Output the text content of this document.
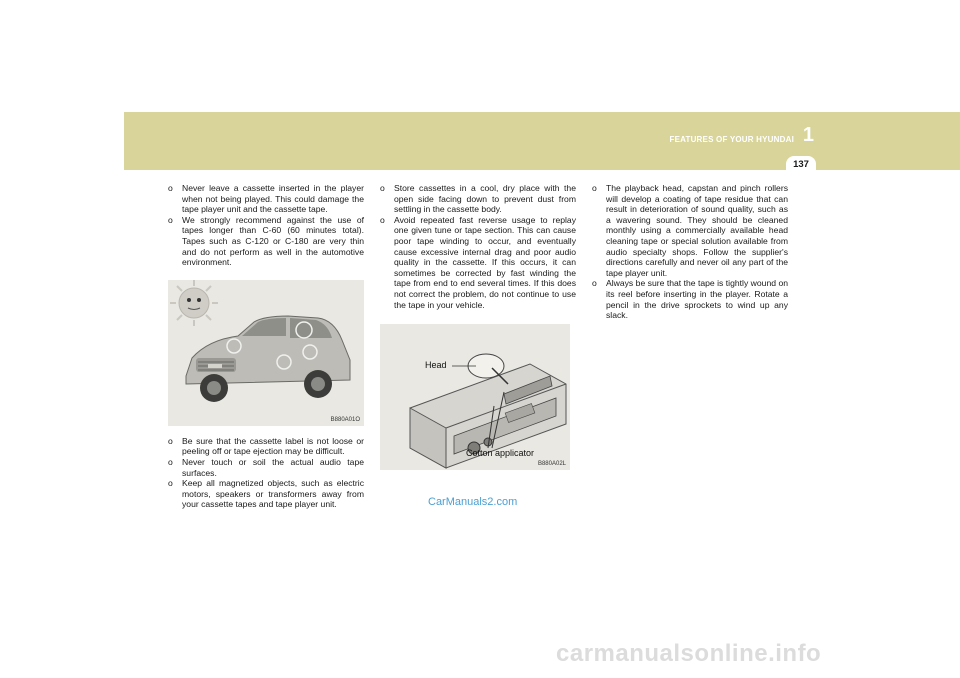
FEATURES OF YOUR HYUNDAI 1
137
o	Never leave a cassette inserted in the player when not being played. This could damage the tape player unit and the cassette tape.
o	We strongly recommend against the use of tapes longer than C-60 (60 minutes total). Tapes such as C-120 or C-180 are very thin and do not perform as well in the automotive environment.
B880A01O
o	Be sure that the cassette label is not loose or peeling off or tape ejection may be difficult.
o	Never touch or soil the actual audio tape surfaces.
o	Keep all magnetized objects, such as electric motors, speakers or transformers away from your cassette tapes and tape player unit.
o	Store cassettes in a cool, dry place with the open side facing down to prevent dust from settling in the cassette body.
o	Avoid repeated fast reverse usage to replay one given tune or tape section. This can cause poor tape winding to occur, and eventually cause excessive internal drag and poor audio quality in the cassette. If this occurs, it can sometimes be corrected by fast winding the tape from end to end several times. If this does not correct the problem, do not continue to use the tape in your vehicle.
Head
Cotton applicator
B880A02L
o	The playback head, capstan and pinch rollers will develop a coating of tape residue that can result in deterioration of sound quality, such as a wavering sound. They should be cleaned monthly using a commercially available head cleaning tape or special solution available from audio specialty shops. Follow the supplier's directions carefully and never oil any part of the tape player unit.
o	Always be sure that the tape is tightly wound on its reel before inserting in the player. Rotate a pencil in the drive sprockets to wind up any slack.
CarManuals2.com
carmanualsonline.info
